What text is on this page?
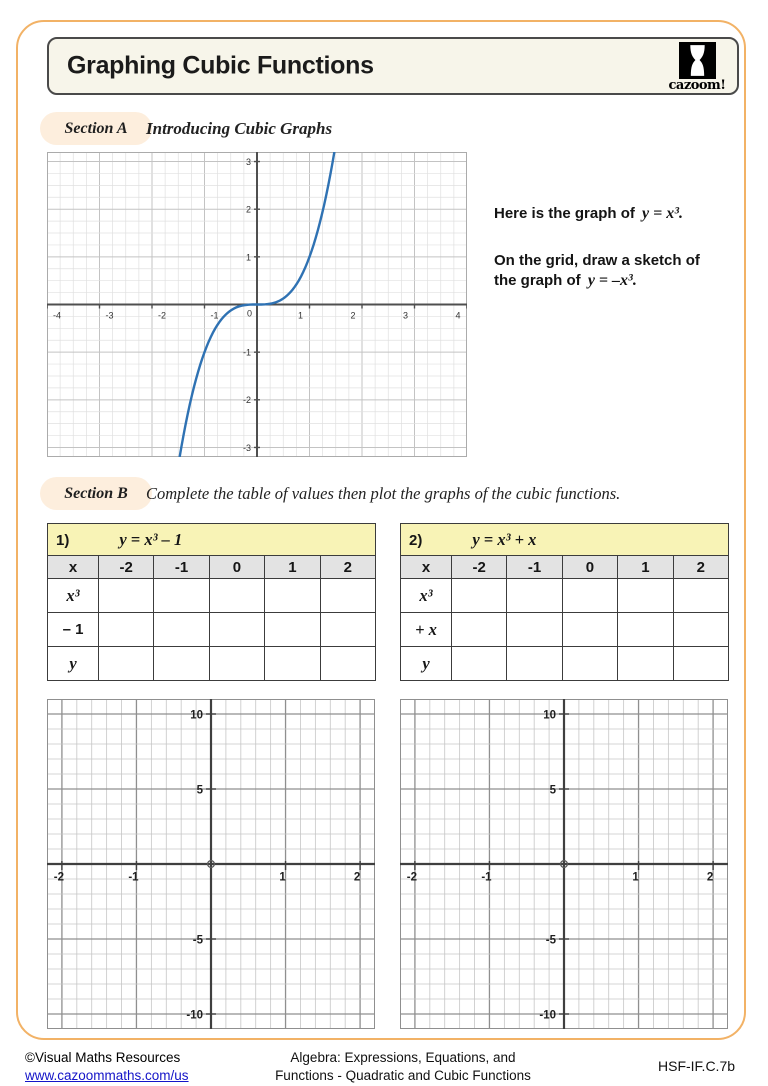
Graphing Cubic Functions
cazoom!
Section A Introducing Cubic Graphs
-4	-3	-2	-1	0	1	2	3	4
3
2
1
-1
-2
-3
Here is the graph of y = x³.
On the grid, draw a sketch of
the graph of y = –x³.
Section B Complete the table of values then plot the graphs of the cubic functions.
1) y = x³ – 1					
x	-2	-1	0	1	2
x³					
– 1					
y					
2) y = x³ + x					
x	-2	-1	0	1	2
x³					
+ x					
y					
-2	-1	1	2
10
5
-5
-10
-2	-1	1	2
10
5
-5
-10
©Visual Maths Resources
www.cazoommaths.com/us
Algebra: Expressions, Equations, and
Functions - Quadratic and Cubic Functions
HSF-IF.C.7b
